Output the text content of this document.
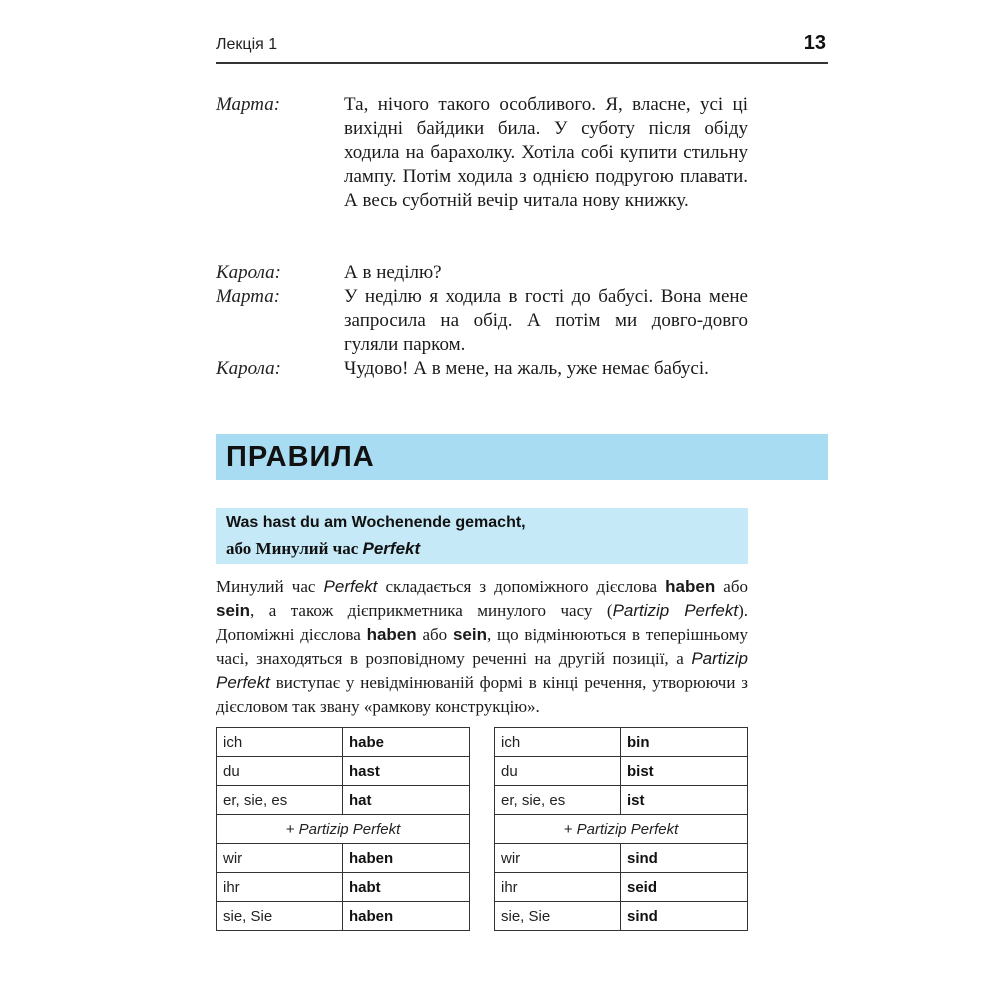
Лекція 1	13
Марта:	Та, нічого такого особливого. Я, власне, усі ці вихідні байдики била. У суботу після обіду ходила на барахолку. Хотіла собі купити стильну лампу. Потім ходила з однією подругою плавати. А весь суботній вечір читала нову книжку.
Карола:	А в неділю?
Марта:	У неділю я ходила в гості до бабусі. Вона мене запросила на обід. А потім ми довго-довго гуляли парком.
Карола:	Чудово! А в мене, на жаль, уже немає бабусі.
ПРАВИЛА
Was hast du am Wochenende gemacht,
або Минулий час Perfekt
Минулий час Perfekt складається з допоміжного дієслова haben або sein, а також дієприкметника минулого часу (Partizip Perfekt). Допоміжні дієслова haben або sein, що відмінюються в теперішньому часі, знаходяться в розповідному реченні на другій позиції, а Partizip Perfekt виступає у невідмінюваній формі в кінці речення, утворюючи з дієсловом так звану «рамкову конструкцію».
ich	habe
du	hast
er, sie, es	hat
+ Partizip Perfekt	
wir	haben
ihr	habt
sie, Sie	haben
ich	bin
du	bist
er, sie, es	ist
+ Partizip Perfekt	
wir	sind
ihr	seid
sie, Sie	sind
